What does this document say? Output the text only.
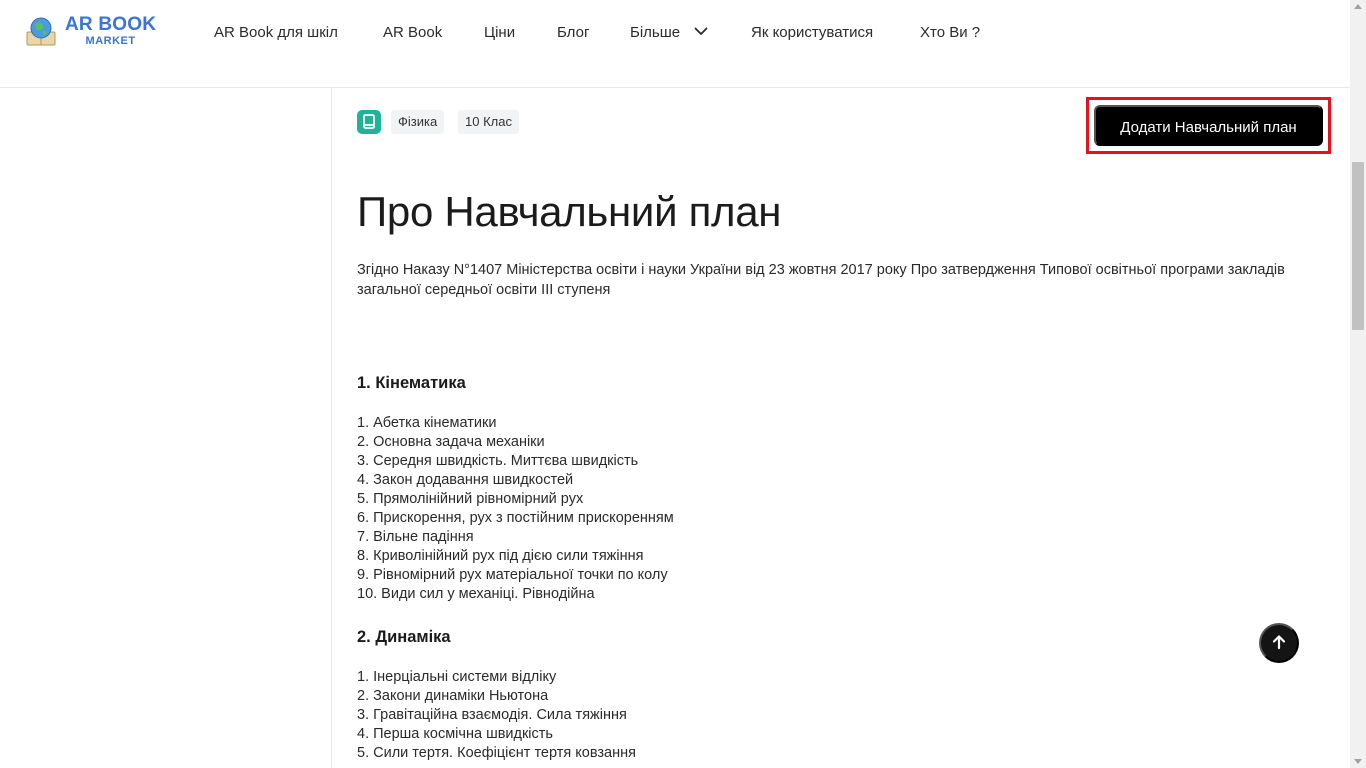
AR BOOK
MARKET	AR Book для шкіл	AR Book	Ціни	Блог	Більше	Як користуватися	Хто Ви ?
Фізика	10 Клас	Додати Навчальний план
Про Навчальний план

Згідно Наказу N°1407 Міністерства освіти і науки України від 23 жовтня 2017 року Про затвердження Типової освітньої програми закладів загальної середньої освіти III ступеня

1. Кінематика
1. Абетка кінематики
2. Основна задача механіки
3. Середня швидкість. Миттєва швидкість
4. Закон додавання швидкостей
5. Прямолінійний рівномірний рух
6. Прискорення, рух з постійним прискоренням
7. Вільне падіння
8. Криволінійний рух під дією сили тяжіння
9. Рівномірний рух матеріальної точки по колу
10. Види сил у механіці. Рівнодійна
2. Динаміка
1. Інерціальні системи відліку
2. Закони динаміки Ньютона
3. Гравітаційна взаємодія. Сила тяжіння
4. Перша космічна швидкість
5. Сили тертя. Коефіцієнт тертя ковзання
